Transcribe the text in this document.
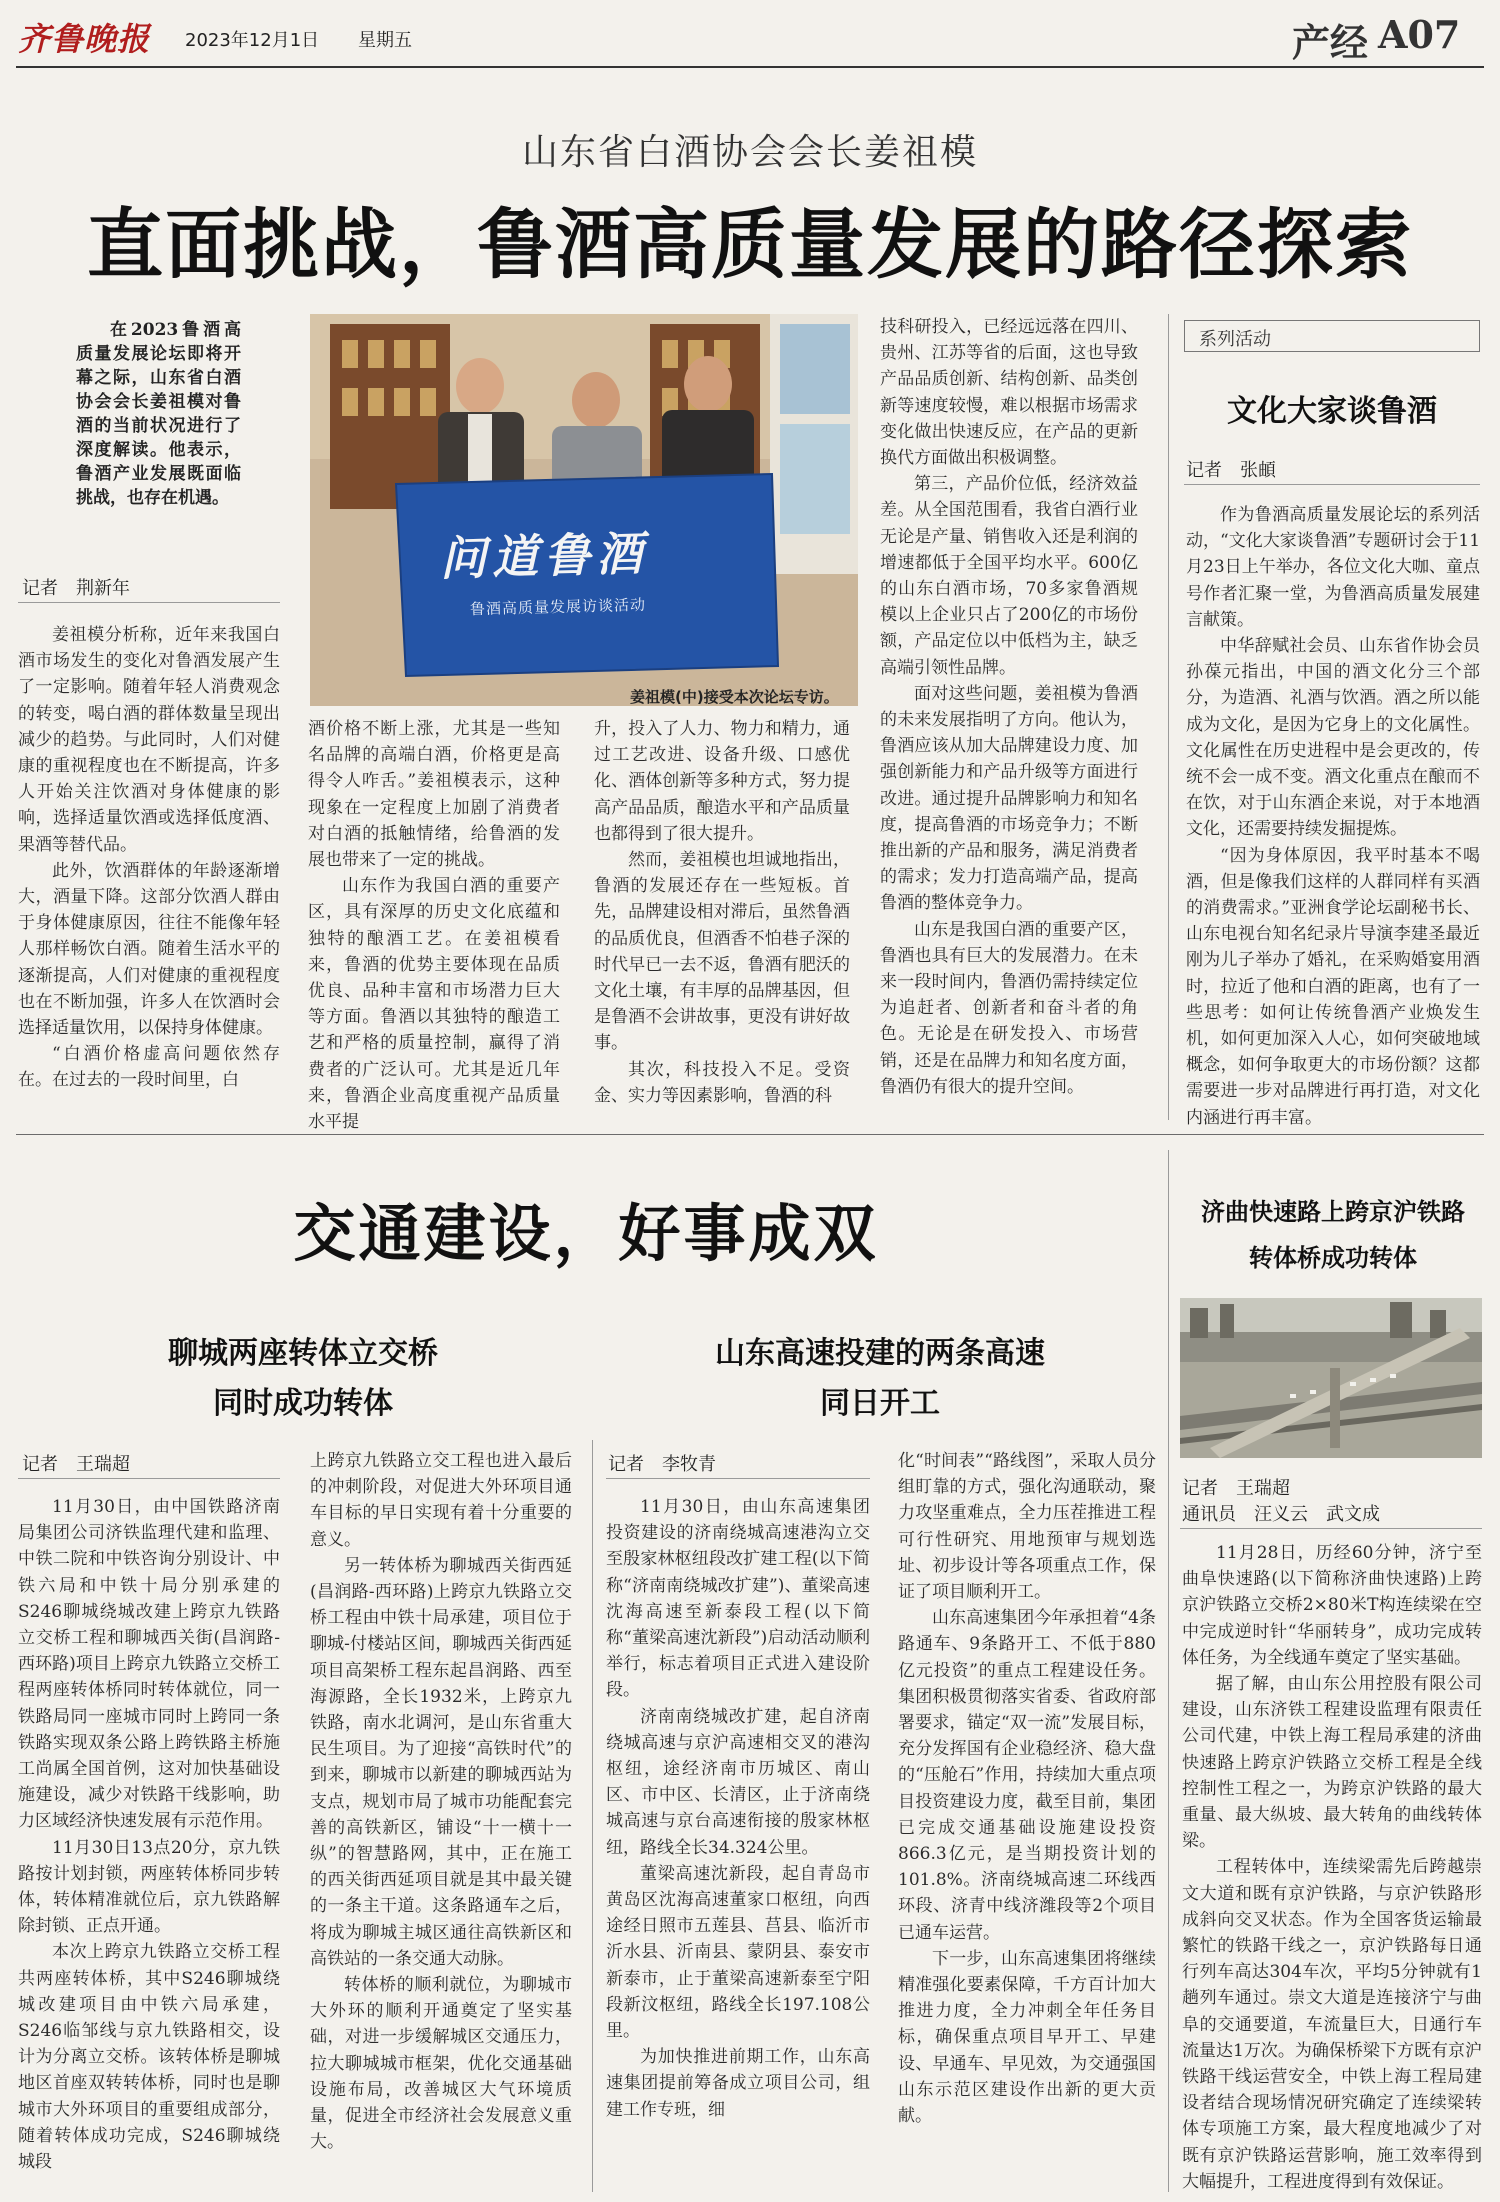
齐鲁晚报 2023年12月1日 星期五	产经 A07
山东省白酒协会会长姜祖模
直面挑战，鲁酒高质量发展的路径探索

在2023鲁酒高质量发展论坛即将开幕之际，山东省白酒协会会长姜祖模对鲁酒的当前状况进行了深度解读。他表示，鲁酒产业发展既面临挑战，也存在机遇。

记者　荆新年
问道鲁酒
鲁酒高质量发展访谈活动
姜祖模(中)接受本次论坛专访。

姜祖模分析称，近年来我国白酒市场发生的变化对鲁酒发展产生了一定影响。随着年轻人消费观念的转变，喝白酒的群体数量呈现出减少的趋势。与此同时，人们对健康的重视程度也在不断提高，许多人开始关注饮酒对身体健康的影响，选择适量饮酒或选择低度酒、果酒等替代品。

此外，饮酒群体的年龄逐渐增大，酒量下降。这部分饮酒人群由于身体健康原因，往往不能像年轻人那样畅饮白酒。随着生活水平的逐渐提高，人们对健康的重视程度也在不断加强，许多人在饮酒时会选择适量饮用，以保持身体健康。

“白酒价格虚高问题依然存在。在过去的一段时间里，白

酒价格不断上涨，尤其是一些知名品牌的高端白酒，价格更是高得令人咋舌。”姜祖模表示，这种现象在一定程度上加剧了消费者对白酒的抵触情绪，给鲁酒的发展也带来了一定的挑战。

山东作为我国白酒的重要产区，具有深厚的历史文化底蕴和独特的酿酒工艺。在姜祖模看来，鲁酒的优势主要体现在品质优良、品种丰富和市场潜力巨大等方面。鲁酒以其独特的酿造工艺和严格的质量控制，赢得了消费者的广泛认可。尤其是近几年来，鲁酒企业高度重视产品质量水平提

升，投入了人力、物力和精力，通过工艺改进、设备升级、口感优化、酒体创新等多种方式，努力提高产品品质，酿造水平和产品质量也都得到了很大提升。

然而，姜祖模也坦诚地指出，鲁酒的发展还存在一些短板。首先，品牌建设相对滞后，虽然鲁酒的品质优良，但酒香不怕巷子深的时代早已一去不返，鲁酒有肥沃的文化土壤，有丰厚的品牌基因，但是鲁酒不会讲故事，更没有讲好故事。

其次，科技投入不足。受资金、实力等因素影响，鲁酒的科

技科研投入，已经远远落在四川、贵州、江苏等省的后面，这也导致产品品质创新、结构创新、品类创新等速度较慢，难以根据市场需求变化做出快速反应，在产品的更新换代方面做出积极调整。

第三，产品价位低，经济效益差。从全国范围看，我省白酒行业无论是产量、销售收入还是利润的增速都低于全国平均水平。600亿的山东白酒市场，70多家鲁酒规模以上企业只占了200亿的市场份额，产品定位以中低档为主，缺乏高端引领性品牌。

面对这些问题，姜祖模为鲁酒的未来发展指明了方向。他认为，鲁酒应该从加大品牌建设力度、加强创新能力和产品升级等方面进行改进。通过提升品牌影响力和知名度，提高鲁酒的市场竞争力；不断推出新的产品和服务，满足消费者的需求；发力打造高端产品，提高鲁酒的整体竞争力。

山东是我国白酒的重要产区，鲁酒也具有巨大的发展潜力。在未来一段时间内，鲁酒仍需持续定位为追赶者、创新者和奋斗者的角色。无论是在研发投入、市场营销，还是在品牌力和知名度方面，鲁酒仍有很大的提升空间。

系列活动
文化大家谈鲁酒
记者　张頔

作为鲁酒高质量发展论坛的系列活动，“文化大家谈鲁酒”专题研讨会于11月23日上午举办，各位文化大咖、童点号作者汇聚一堂，为鲁酒高质量发展建言献策。

中华辞赋社会员、山东省作协会员孙葆元指出，中国的酒文化分三个部分，为造酒、礼酒与饮酒。酒之所以能成为文化，是因为它身上的文化属性。文化属性在历史进程中是会更改的，传统不会一成不变。酒文化重点在酿而不在饮，对于山东酒企来说，对于本地酒文化，还需要持续发掘提炼。

“因为身体原因，我平时基本不喝酒，但是像我们这样的人群同样有买酒的消费需求。”亚洲食学论坛副秘书长、山东电视台知名纪录片导演李建圣最近刚为儿子举办了婚礼，在采购婚宴用酒时，拉近了他和白酒的距离，也有了一些思考：如何让传统鲁酒产业焕发生机，如何更加深入人心，如何突破地域概念，如何争取更大的市场份额？这都需要进一步对品牌进行再打造，对文化内涵进行再丰富。

交通建设，好事成双
聊城两座转体立交桥
同时成功转体
山东高速投建的两条高速
同日开工
记者　王瑞超

11月30日，由中国铁路济南局集团公司济铁监理代建和监理、中铁二院和中铁咨询分别设计、中铁六局和中铁十局分别承建的S246聊城绕城改建上跨京九铁路立交桥工程和聊城西关街(昌润路-西环路)项目上跨京九铁路立交桥工程两座转体桥同时转体就位，同一铁路局同一座城市同时上跨同一条铁路实现双条公路上跨铁路主桥施工尚属全国首例，这对加快基础设施建设，减少对铁路干线影响，助力区域经济快速发展有示范作用。

11月30日13点20分，京九铁路按计划封锁，两座转体桥同步转体，转体精准就位后，京九铁路解除封锁、正点开通。

本次上跨京九铁路立交桥工程共两座转体桥，其中S246聊城绕城改建项目由中铁六局承建，S246临邹线与京九铁路相交，设计为分离立交桥。该转体桥是聊城地区首座双转转体桥，同时也是聊城市大外环项目的重要组成部分，随着转体成功完成，S246聊城绕城段

上跨京九铁路立交工程也进入最后的冲刺阶段，对促进大外环项目通车目标的早日实现有着十分重要的意义。

另一转体桥为聊城西关街西延(昌润路-西环路)上跨京九铁路立交桥工程由中铁十局承建，项目位于聊城-付楼站区间，聊城西关街西延项目高架桥工程东起昌润路、西至海源路，全长1932米，上跨京九铁路，南水北调河，是山东省重大民生项目。为了迎接“高铁时代”的到来，聊城市以新建的聊城西站为支点，规划市局了城市功能配套完善的高铁新区，铺设“十一横十一纵”的智慧路网，其中，正在施工的西关街西延项目就是其中最关键的一条主干道。这条路通车之后，将成为聊城主城区通往高铁新区和高铁站的一条交通大动脉。

转体桥的顺利就位，为聊城市大外环的顺利开通奠定了坚实基础，对进一步缓解城区交通压力，拉大聊城城市框架，优化交通基础设施布局，改善城区大气环境质量，促进全市经济社会发展意义重大。

记者　李牧青

11月30日，由山东高速集团投资建设的济南绕城高速港沟立交至殷家林枢纽段改扩建工程(以下简称“济南南绕城改扩建”)、董梁高速沈海高速至新泰段工程(以下简称“董梁高速沈新段”)启动活动顺利举行，标志着项目正式进入建设阶段。

济南南绕城改扩建，起自济南绕城高速与京沪高速相交叉的港沟枢纽，途经济南市历城区、南山区、市中区、长清区，止于济南绕城高速与京台高速衔接的殷家林枢纽，路线全长34.324公里。

董梁高速沈新段，起自青岛市黄岛区沈海高速董家口枢纽，向西途经日照市五莲县、莒县、临沂市沂水县、沂南县、蒙阴县、泰安市新泰市，止于董梁高速新泰至宁阳段新汶枢纽，路线全长197.108公里。

为加快推进前期工作，山东高速集团提前筹备成立项目公司，组建工作专班，细

化“时间表”“路线图”，采取人员分组盯靠的方式，强化沟通联动，聚力攻坚重难点，全力压茬推进工程可行性研究、用地预审与规划选址、初步设计等各项重点工作，保证了项目顺利开工。

山东高速集团今年承担着“4条路通车、9条路开工、不低于880亿元投资”的重点工程建设任务。集团积极贯彻落实省委、省政府部署要求，锚定“双一流”发展目标，充分发挥国有企业稳经济、稳大盘的“压舱石”作用，持续加大重点项目投资建设力度，截至目前，集团已完成交通基础设施建设投资866.3亿元，是当期投资计划的101.8%。济南绕城高速二环线西环段、济青中线济潍段等2个项目已通车运营。

下一步，山东高速集团将继续精准强化要素保障，千方百计加大推进力度，全力冲刺全年任务目标，确保重点项目早开工、早建设、早通车、早见效，为交通强国山东示范区建设作出新的更大贡献。

济曲快速路上跨京沪铁路
转体桥成功转体
记者　王瑞超
通讯员　汪义云　武文成

11月28日，历经60分钟，济宁至曲阜快速路(以下简称济曲快速路)上跨京沪铁路立交桥2×80米T构连续梁在空中完成逆时针“华丽转身”，成功完成转体任务，为全线通车奠定了坚实基础。

据了解，由山东公用控股有限公司建设，山东济铁工程建设监理有限责任公司代建，中铁上海工程局承建的济曲快速路上跨京沪铁路立交桥工程是全线控制性工程之一，为跨京沪铁路的最大重量、最大纵坡、最大转角的曲线转体梁。

工程转体中，连续梁需先后跨越崇文大道和既有京沪铁路，与京沪铁路形成斜向交叉状态。作为全国客货运输最繁忙的铁路干线之一，京沪铁路每日通行列车高达304车次，平均5分钟就有1趟列车通过。崇文大道是连接济宁与曲阜的交通要道，车流量巨大，日通行车流量达1万次。为确保桥梁下方既有京沪铁路干线运营安全，中铁上海工程局建设者结合现场情况研究确定了连续梁转体专项施工方案，最大程度地减少了对既有京沪铁路运营影响，施工效率得到大幅提升，工程进度得到有效保证。
